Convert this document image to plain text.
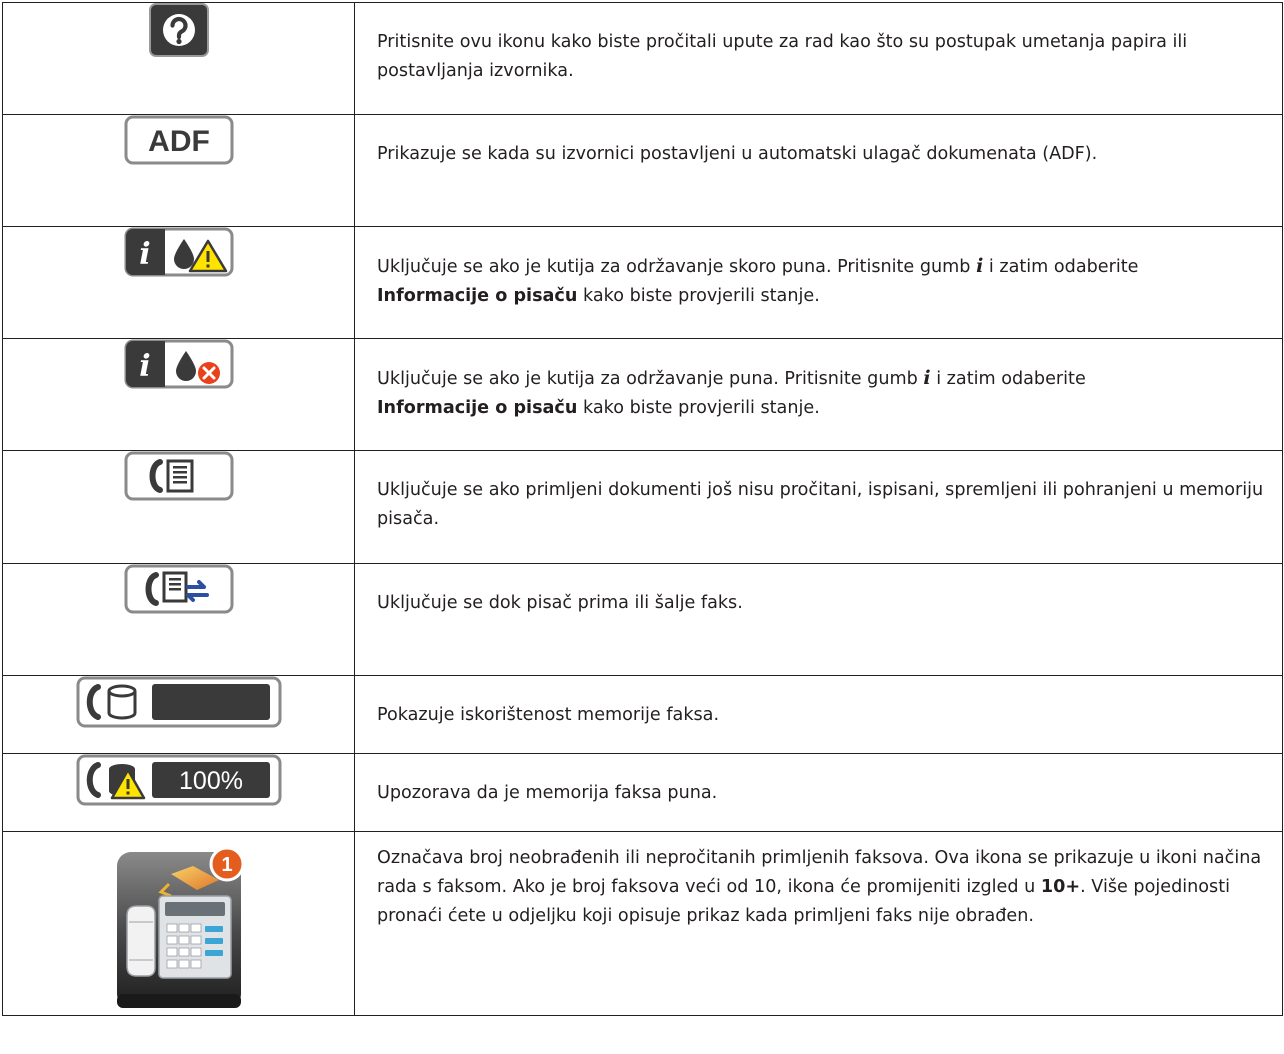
	Pritisnite ovu ikonu kako biste pročitali upute za rad kao što su postupak umetanja papira ili postavljanja izvornika.

ADF	Prikazuje se kada su izvornici postavljeni u automatski ulagač dokumenata (ADF).

i	Uključuje se ako je kutija za održavanje skoro puna. Pritisnite gumb i i zatim odaberite
Informacije o pisaču kako biste provjerili stanje.

i	Uključuje se ako je kutija za održavanje puna. Pritisnite gumb i i zatim odaberite
Informacije o pisaču kako biste provjerili stanje.
	Uključuje se ako primljeni dokumenti još nisu pročitani, ispisani, spremljeni ili pohranjeni u memoriju pisača.
	Uključuje se dok pisač prima ili šalje faks.
	Pokazuje iskorištenost memorije faksa.

100%	Upozorava da je memorija faksa puna.

1	Označava broj neobrađenih ili nepročitanih primljenih faksova. Ova ikona se prikazuje u ikoni načina rada s faksom. Ako je broj faksova veći od 10, ikona će promijeniti izgled u 10+. Više pojedinosti pronaći ćete u odjeljku koji opisuje prikaz kada primljeni faks nije obrađen.
